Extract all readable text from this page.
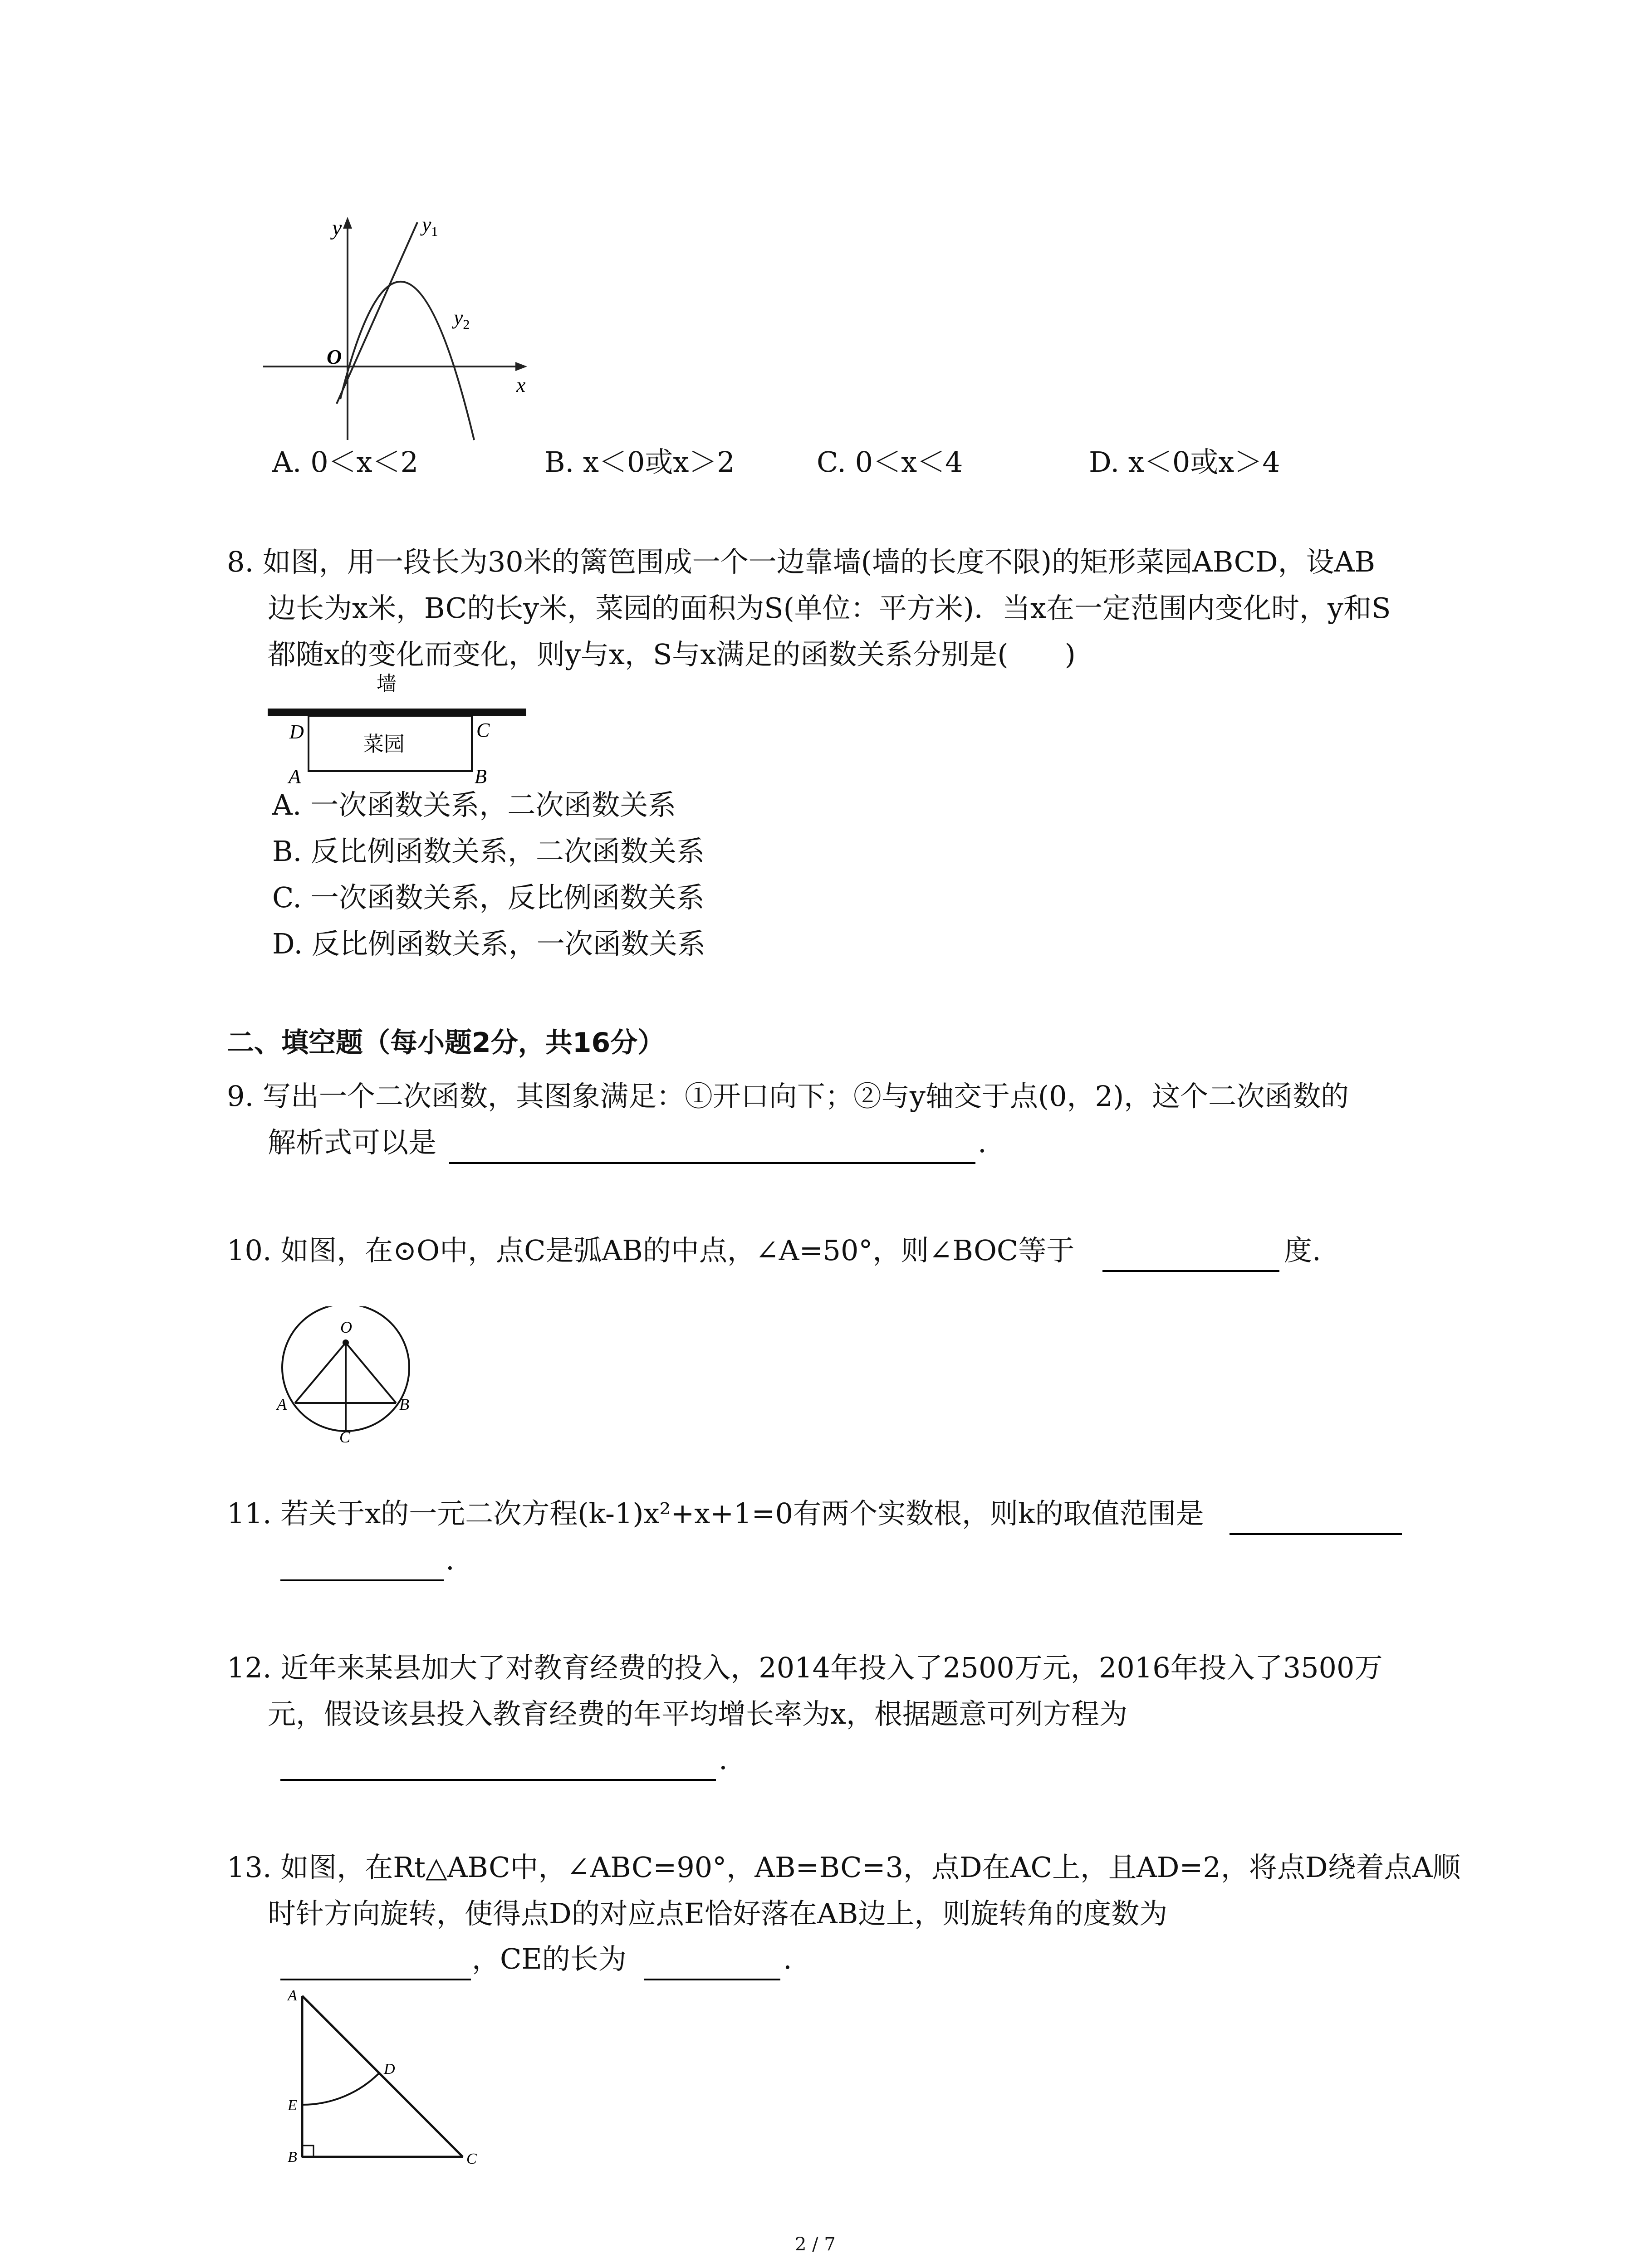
y	$y_1$
$y_2$
O
x
A. 0＜x＜2	B. x＜0或x＞2	C. 0＜x＜4	D. x＜0或x＞4
8. 如图，用一段长为30米的篱笆围成一个一边靠墙(墙的长度不限)的矩形菜园ABCD，设AB
边长为x米，BC的长y米，菜园的面积为S(单位：平方米)．当x在一定范围内变化时，y和S
都随x的变化而变化，则y与x，S与x满足的函数关系分别是(　　)
墙
菜园
D	C
A	B
A. 一次函数关系，二次函数关系
B. 反比例函数关系，二次函数关系
C. 一次函数关系，反比例函数关系
D. 反比例函数关系，一次函数关系
二、填空题（每小题2分，共16分）
9. 写出一个二次函数，其图象满足：①开口向下；②与y轴交于点(0，2)，这个二次函数的
解析式可以是	.
10. 如图，在⊙O中，点C是弧AB的中点，∠A=50°，则∠BOC等于	度.
O
A	B
C
11. 若关于x的一元二次方程(k-1)x²+x+1=0有两个实数根，则k的取值范围是
.
12. 近年来某县加大了对教育经费的投入，2014年投入了2500万元，2016年投入了3500万
元，假设该县投入教育经费的年平均增长率为x，根据题意可列方程为
.
13. 如图，在Rt△ABC中，∠ABC=90°，AB=BC=3，点D在AC上，且AD=2，将点D绕着点A顺
时针方向旋转，使得点D的对应点E恰好落在AB边上，则旋转角的度数为
，CE的长为	.
A
D
E
B	C
2 / 7
